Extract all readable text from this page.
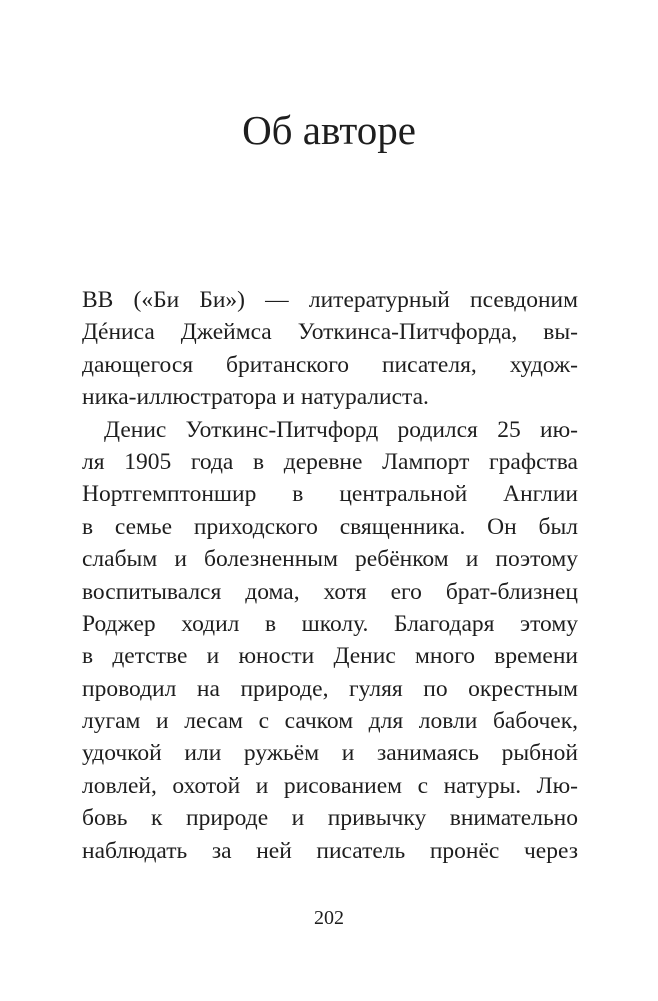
Об авторе
ВВ («Би Би») — литературный псевдоним
Дéниса Джеймса Уоткинса-Питчфорда, вы-
дающегося британского писателя, худож-
ника-иллюстратора и натуралиста.
Денис Уоткинс-Питчфорд родился 25 ию-
ля 1905 года в деревне Лампорт графства
Нортгемптоншир в центральной Англии
в семье приходского священника. Он был
слабым и болезненным ребёнком и поэтому
воспитывался дома, хотя его брат-близнец
Роджер ходил в школу. Благодаря этому
в детстве и юности Денис много времени
проводил на природе, гуляя по окрестным
лугам и лесам с сачком для ловли бабочек,
удочкой или ружьём и занимаясь рыбной
ловлей, охотой и рисованием с натуры. Лю-
бовь к природе и привычку внимательно
наблюдать за ней писатель пронёс через
202
